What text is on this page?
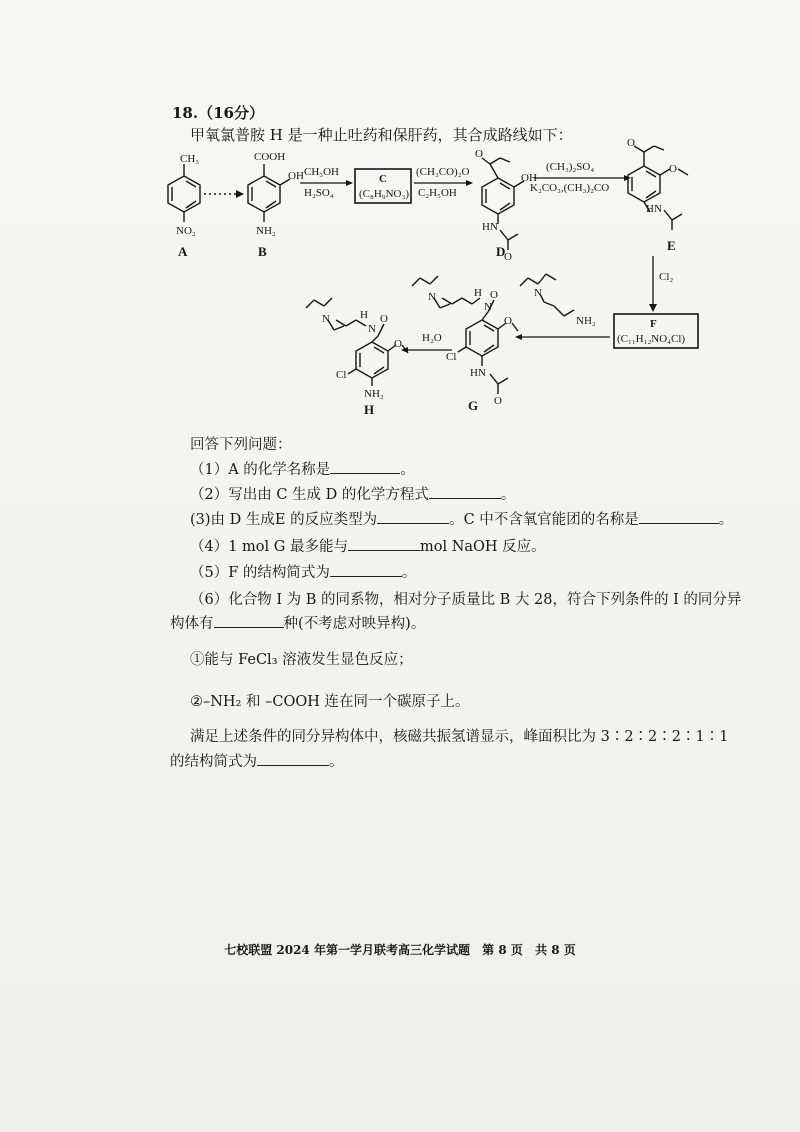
18.（16分）
甲氧氯普胺 H 是一种止吐药和保肝药，其合成路线如下：
CH₃
NO₂
A
COOH
OH
NH₂
B
CH₃OH
H₂SO₄
C
(C₈H₉NO₃)
(CH₃CO)₂O
C₂H₅OH
O
OH
HN
O
D
(CH₃)₂SO₄
K₂CO₃,(CH₃)₂CO
O
O
HN
E
Cl₂
F
(C₁₁H₁₂NO₄Cl)
N
NH₂
N	H
N
O
O
Cl
HN
O
G
H₂O
N	H
N
O
O
Cl
NH₂
H
回答下列问题：
（1）A 的化学名称是	。
（2）写出由 C 生成 D 的化学方程式	。
(3)由 D 生成E 的反应类型为	。C 中不含氧官能团的名称是	。
（4）1 mol G 最多能与	mol NaOH 反应。
（5）F 的结构简式为	。
（6）化合物 I 为 B 的同系物，相对分子质量比 B 大 28，符合下列条件的 I 的同分异
构体有	种(不考虑对映异构)。
①能与 FeCl₃ 溶液发生显色反应；
②–NH₂ 和 –COOH 连在同一个碳原子上。
满足上述条件的同分异构体中，核磁共振氢谱显示，峰面积比为 3∶2∶2∶2∶1∶1
的结构简式为	。
七校联盟 2024 年第一学月联考高三化学试题 第 8 页 共 8 页
